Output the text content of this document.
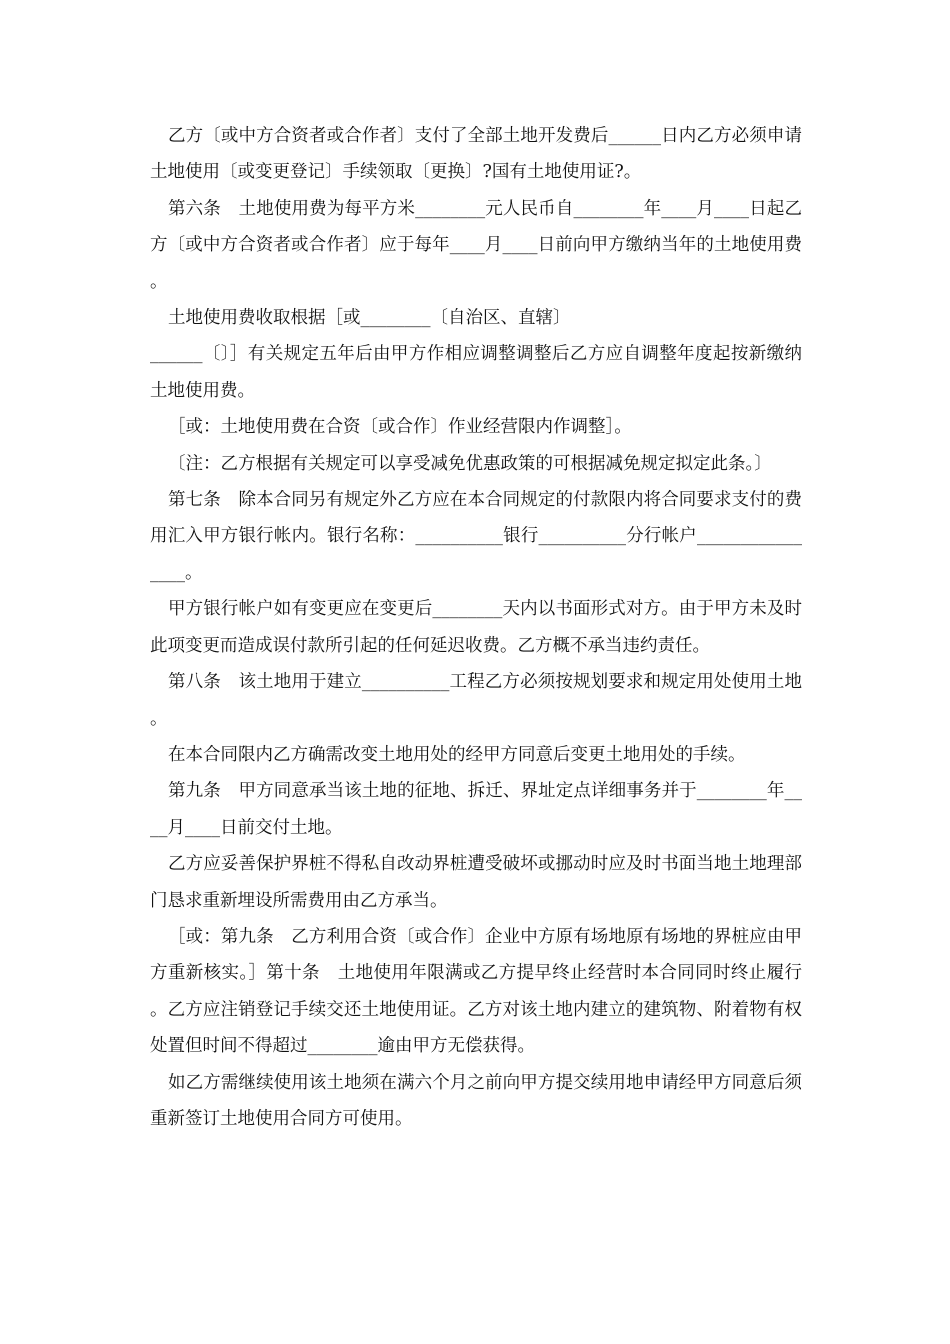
乙方〔或中方合资者或合作者〕支付了全部土地开发费后______日内乙方必须申请土地使用〔或变更登记〕手续领取〔更换〕?国有土地使用证?。

第六条　土地使用费为每平方米________元人民币自________年____月____日起乙方〔或中方合资者或合作者〕应于每年____月____日前向甲方缴纳当年的土地使用费。

土地使用费收取根据［或________〔自治区、直辖〕

______〔〕］有关规定五年后由甲方作相应调整调整后乙方应自调整年度起按新缴纳土地使用费。

［或：土地使用费在合资〔或合作〕作业经营限内作调整］。

〔注：乙方根据有关规定可以享受减免优惠政策的可根据减免规定拟定此条。〕

第七条　除本合同另有规定外乙方应在本合同规定的付款限内将合同要求支付的费用汇入甲方银行帐内。银行名称：__________银行__________分行帐户________________。

甲方银行帐户如有变更应在变更后________天内以书面形式对方。由于甲方未及时此项变更而造成误付款所引起的任何延迟收费。乙方概不承当违约责任。

第八条　该土地用于建立__________工程乙方必须按规划要求和规定用处使用土地。

在本合同限内乙方确需改变土地用处的经甲方同意后变更土地用处的手续。

第九条　甲方同意承当该土地的征地、拆迁、界址定点详细事务并于________年____月____日前交付土地。

乙方应妥善保护界桩不得私自改动界桩遭受破坏或挪动时应及时书面当地土地理部门恳求重新埋设所需费用由乙方承当。

［或：第九条　乙方利用合资〔或合作〕企业中方原有场地原有场地的界桩应由甲方重新核实。］第十条　土地使用年限满或乙方提早终止经营时本合同同时终止履行。乙方应注销登记手续交还土地使用证。乙方对该土地内建立的建筑物、附着物有权处置但时间不得超过________逾由甲方无偿获得。

如乙方需继续使用该土地须在满六个月之前向甲方提交续用地申请经甲方同意后须重新签订土地使用合同方可使用。
